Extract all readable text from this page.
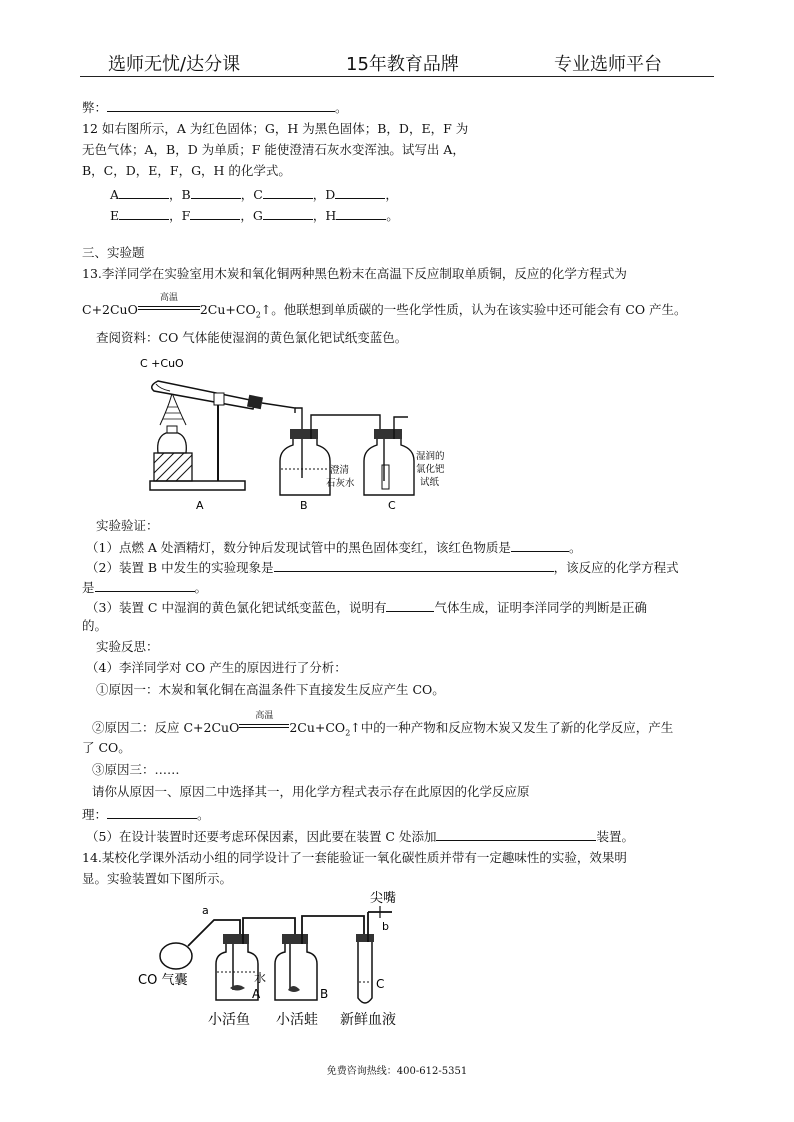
选师无忧/达分课	15年教育品牌	专业选师平台
弊：	。
12 如右图所示，A 为红色固体；G，H 为黑色固体；B，D，E，F 为
无色气体；A，B，D 为单质；F 能使澄清石灰水变浑浊。试写出 A，
B，C，D，E，F，G，H 的化学式。
A	，B	，C	，D	，
E	，F	，G	，H	。
三、实验题
13.李洋同学在实验室用木炭和氧化铜两种黑色粉末在高温下反应制取单质铜，反应的化学方程式为
C+2CuO
高温
$2Cu+CO_2↑$。他联想到单质碳的一些化学性质，认为在该实验中还可能会有 CO 产生。
查阅资料：CO 气体能使湿润的黄色氯化钯试纸变蓝色。
C +CuO
A	B	C
澄清
石灰水
湿润的
氯化钯
试纸
实验验证：
（1）点燃 A 处酒精灯，数分钟后发现试管中的黑色固体变红，该红色物质是	。
（2）装置 B 中发生的实验现象是	，该反应的化学方程式
是	。
（3）装置 C 中湿润的黄色氯化钯试纸变蓝色，说明有	气体生成，证明李洋同学的判断是正确
的。
实验反思：
（4）李洋同学对 CO 产生的原因进行了分析：
①原因一：木炭和氧化铜在高温条件下直接发生反应产生 CO。
②原因二：反应 C+2CuO
高温
$2Cu+CO_2↑$中的一种产物和反应物木炭又发生了新的化学反应，产生
了 CO。
③原因三：……
请你从原因一、原因二中选择其一，用化学方程式表示存在此原因的化学反应原
理：	。
（5）在设计装置时还要考虑环保因素，因此要在装置 C 处添加	装置。
14.某校化学课外活动小组的同学设计了一套能验证一氧化碳性质并带有一定趣味性的实验，效果明
显。实验装置如下图所示。
a
b
尖嘴
CO 气囊	水
A	B
C
小活鱼 小活蛙 新鲜血液
免费咨询热线：400-612-5351
